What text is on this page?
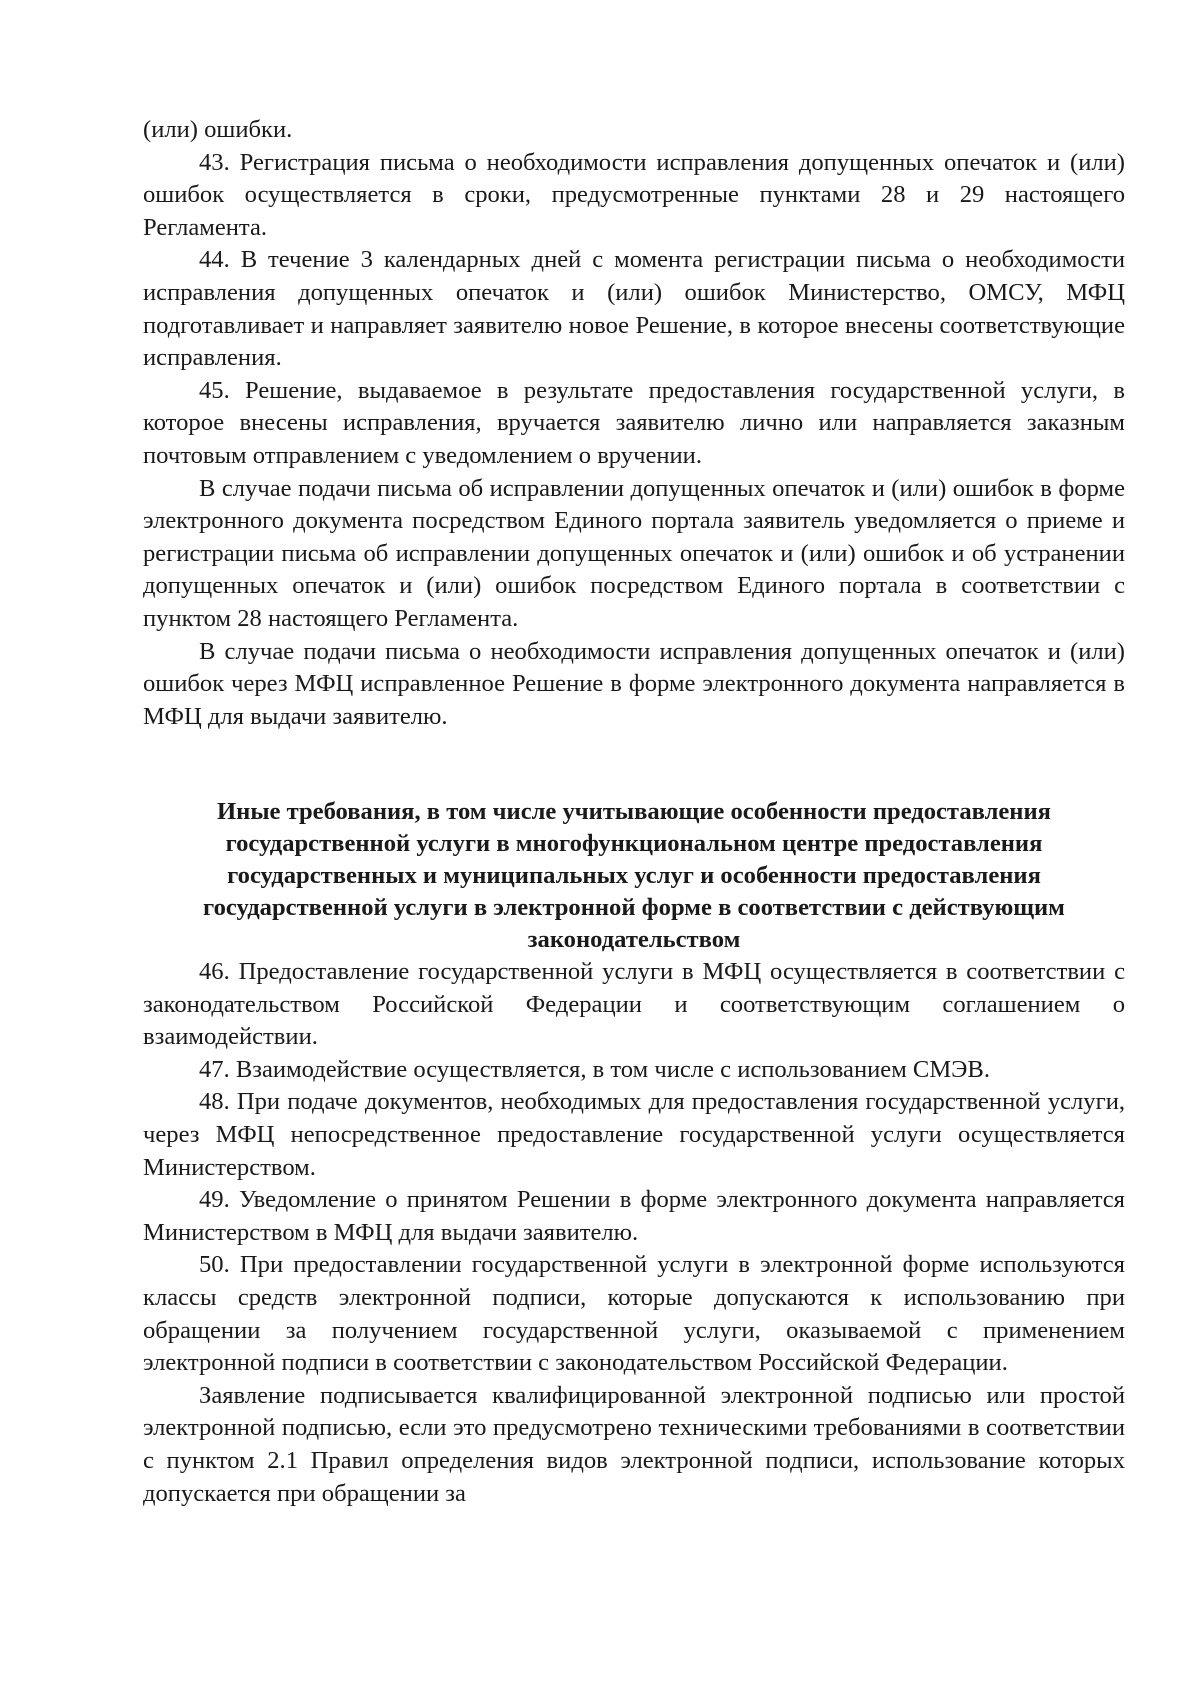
(или) ошибки.

43. Регистрация письма о необходимости исправления допущенных опечаток и (или) ошибок осуществляется в сроки, предусмотренные пунктами 28 и 29 настоящего Регламента.

44. В течение 3 календарных дней с момента регистрации письма о необходимости исправления допущенных опечаток и (или) ошибок Министерство, ОМСУ, МФЦ подготавливает и направляет заявителю новое Решение, в которое внесены соответствующие исправления.

45. Решение, выдаваемое в результате предоставления государственной услуги, в которое внесены исправления, вручается заявителю лично или направляется заказным почтовым отправлением с уведомлением о вручении.

В случае подачи письма об исправлении допущенных опечаток и (или) ошибок в форме электронного документа посредством Единого портала заявитель уведомляется о приеме и регистрации письма об исправлении допущенных опечаток и (или) ошибок и об устранении допущенных опечаток и (или) ошибок посредством Единого портала в соответствии с пунктом 28 настоящего Регламента.

В случае подачи письма о необходимости исправления допущенных опечаток и (или) ошибок через МФЦ исправленное Решение в форме электронного документа направляется в МФЦ для выдачи заявителю.

Иные требования, в том числе учитывающие особенности предоставления государственной услуги в многофункциональном центре предоставления государственных и муниципальных услуг и особенности предоставления государственной услуги в электронной форме в соответствии с действующим законодательством

46. Предоставление государственной услуги в МФЦ осуществляется в соответствии с законодательством Российской Федерации и соответствующим соглашением о взаимодействии.

47. Взаимодействие осуществляется, в том числе с использованием СМЭВ.

48. При подаче документов, необходимых для предоставления государственной услуги, через МФЦ непосредственное предоставление государственной услуги осуществляется Министерством.

49. Уведомление о принятом Решении в форме электронного документа направляется Министерством в МФЦ для выдачи заявителю.

50. При предоставлении государственной услуги в электронной форме используются классы средств электронной подписи, которые допускаются к использованию при обращении за получением государственной услуги, оказываемой с применением электронной подписи в соответствии с законодательством Российской Федерации.

Заявление подписывается квалифицированной электронной подписью или простой электронной подписью, если это предусмотрено техническими требованиями в соответствии с пунктом 2.1 Правил определения видов электронной подписи, использование которых допускается при обращении за
